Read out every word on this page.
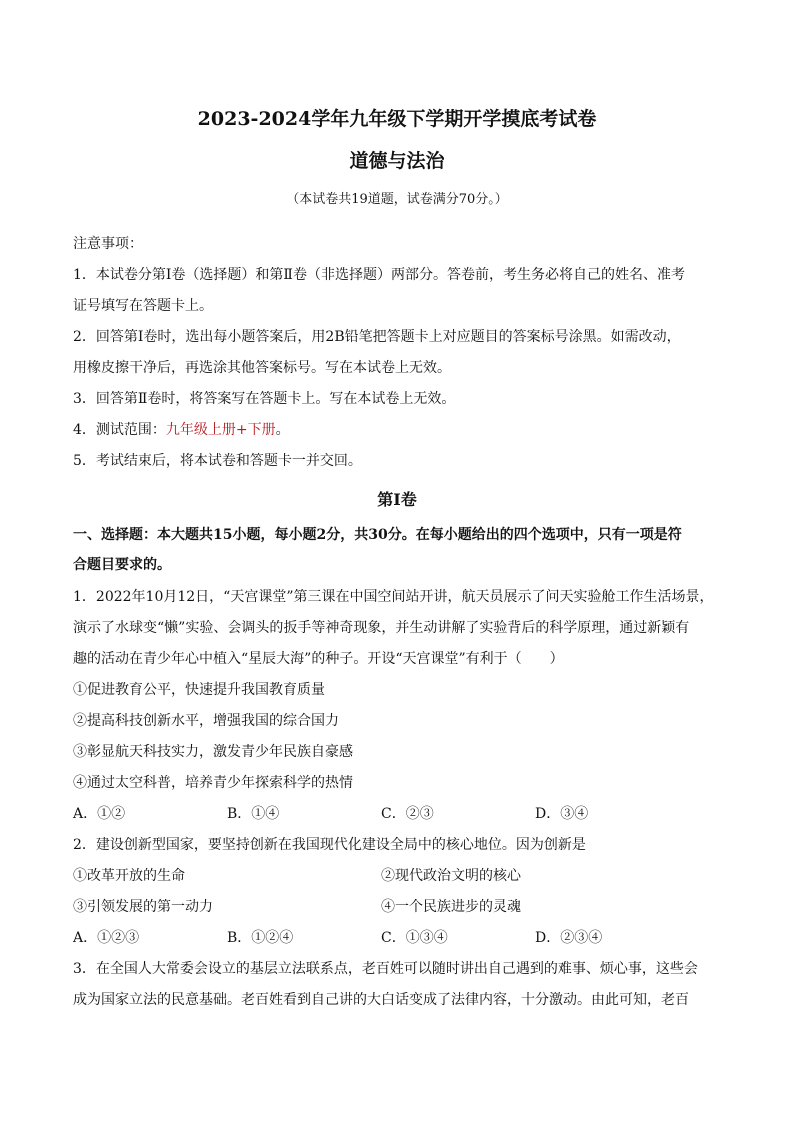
2023-2024学年九年级下学期开学摸底考试卷
道德与法治
（本试卷共19道题，试卷满分70分。）
注意事项：
1．本试卷分第Ⅰ卷（选择题）和第Ⅱ卷（非选择题）两部分。答卷前，考生务必将自己的姓名、准考
证号填写在答题卡上。
2．回答第Ⅰ卷时，选出每小题答案后，用2B铅笔把答题卡上对应题目的答案标号涂黑。如需改动，
用橡皮擦干净后，再选涂其他答案标号。写在本试卷上无效。
3．回答第Ⅱ卷时，将答案写在答题卡上。写在本试卷上无效。
4．测试范围：九年级上册+下册。
5．考试结束后，将本试卷和答题卡一并交回。
第Ⅰ卷
一、选择题：本大题共15小题，每小题2分，共30分。在每小题给出的四个选项中，只有一项是符
合题目要求的。
1．2022年10月12日，“天宫课堂”第三课在中国空间站开讲，航天员展示了问天实验舱工作生活场景，
演示了水球变“懒”实验、会调头的扳手等神奇现象，并生动讲解了实验背后的科学原理，通过新颖有
趣的活动在青少年心中植入“星辰大海”的种子。开设“天宫课堂”有利于（　　）
①促进教育公平，快速提升我国教育质量
②提高科技创新水平，增强我国的综合国力
③彰显航天科技实力，激发青少年民族自豪感
④通过太空科普，培养青少年探索科学的热情
A．①②	B．①④	C．②③	D．③④
2．建设创新型国家，要坚持创新在我国现代化建设全局中的核心地位。因为创新是
①改革开放的生命	②现代政治文明的核心
③引领发展的第一动力	④一个民族进步的灵魂
A．①②③	B．①②④	C．①③④	D．②③④
3．在全国人大常委会设立的基层立法联系点，老百姓可以随时讲出自己遇到的难事、烦心事，这些会
成为国家立法的民意基础。老百姓看到自己讲的大白话变成了法律内容，十分激动。由此可知，老百
